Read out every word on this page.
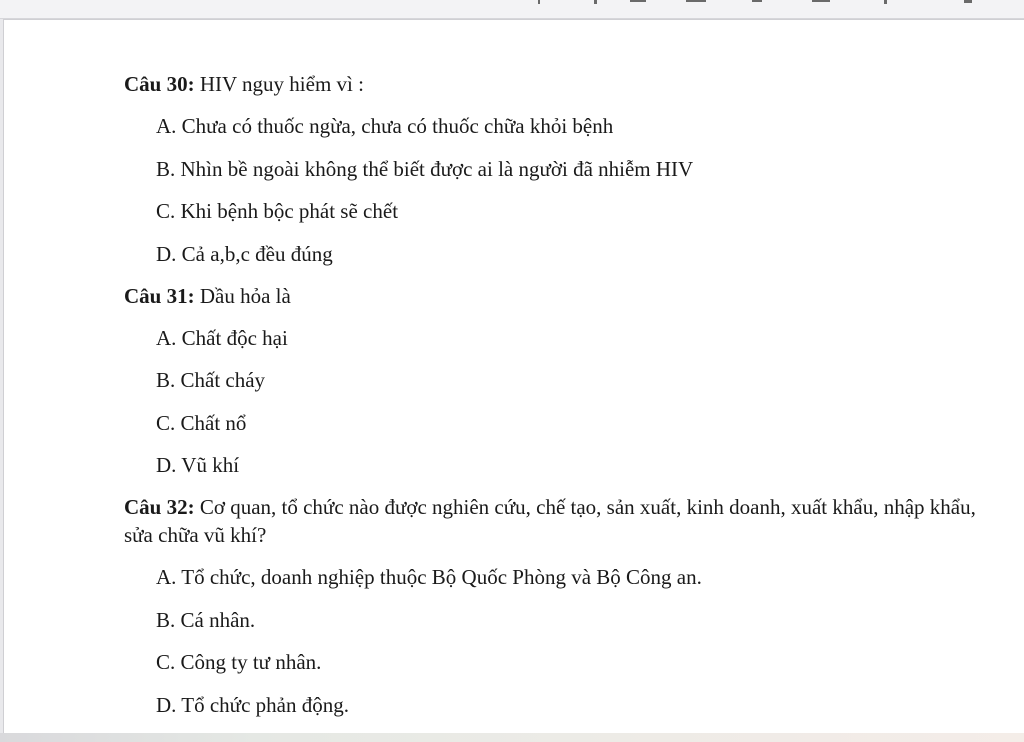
Câu 30: HIV nguy hiểm vì :

A. Chưa có thuốc ngừa, chưa có thuốc chữa khỏi bệnh

B. Nhìn bề ngoài không thể biết được ai là người đã nhiễm HIV

C. Khi bệnh bộc phát sẽ chết

D. Cả a,b,c đều đúng

Câu 31: Dầu hỏa là

A. Chất độc hại

B. Chất cháy

C. Chất nổ

D. Vũ khí

Câu 32: Cơ quan, tổ chức nào được nghiên cứu, chế tạo, sản xuất, kinh doanh, xuất khẩu, nhập khẩu, sửa chữa vũ khí?

A. Tổ chức, doanh nghiệp thuộc Bộ Quốc Phòng và Bộ Công an.

B. Cá nhân.

C. Công ty tư nhân.

D. Tổ chức phản động.
